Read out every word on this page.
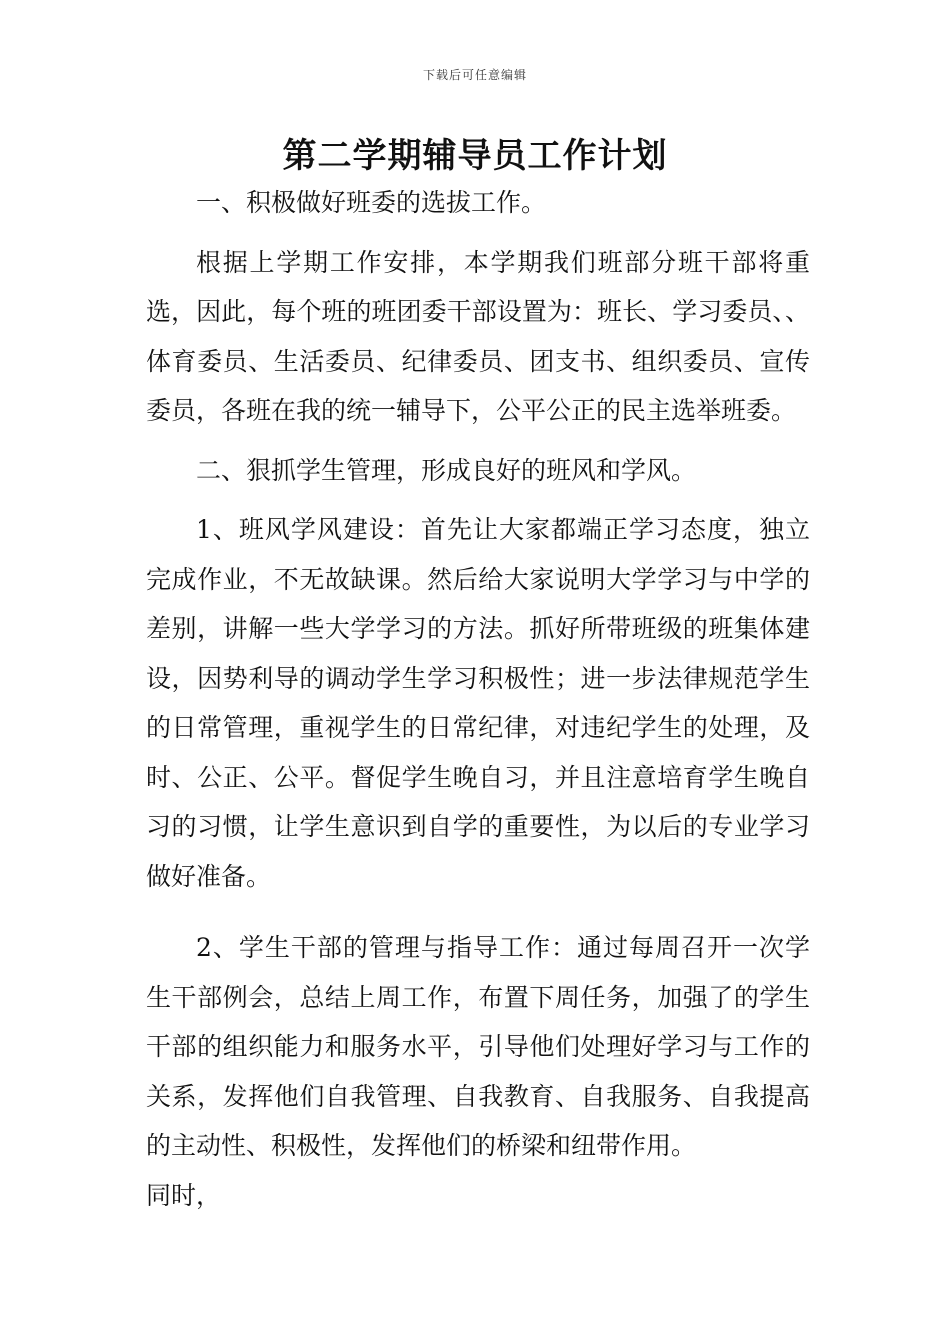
下载后可任意编辑
第二学期辅导员工作计划

一、积极做好班委的选拔工作。

根据上学期工作安排，本学期我们班部分班干部将重选，因此，每个班的班团委干部设置为：班长、学习委员、、体育委员、生活委员、纪律委员、团支书、组织委员、宣传委员，各班在我的统一辅导下，公平公正的民主选举班委。

二、狠抓学生管理，形成良好的班风和学风。

1、班风学风建设：首先让大家都端正学习态度，独立完成作业，不无故缺课。然后给大家说明大学学习与中学的差别，讲解一些大学学习的方法。抓好所带班级的班集体建设，因势利导的调动学生学习积极性；进一步法律规范学生的日常管理，重视学生的日常纪律，对违纪学生的处理，及时、公正、公平。督促学生晚自习，并且注意培育学生晚自习的习惯，让学生意识到自学的重要性，为以后的专业学习做好准备。

2、学生干部的管理与指导工作：通过每周召开一次学生干部例会，总结上周工作，布置下周任务，加强了的学生干部的组织能力和服务水平，引导他们处理好学习与工作的关系，发挥他们自我管理、自我教育、自我服务、自我提高的主动性、积极性，发挥他们的桥梁和纽带作用。

同时，
